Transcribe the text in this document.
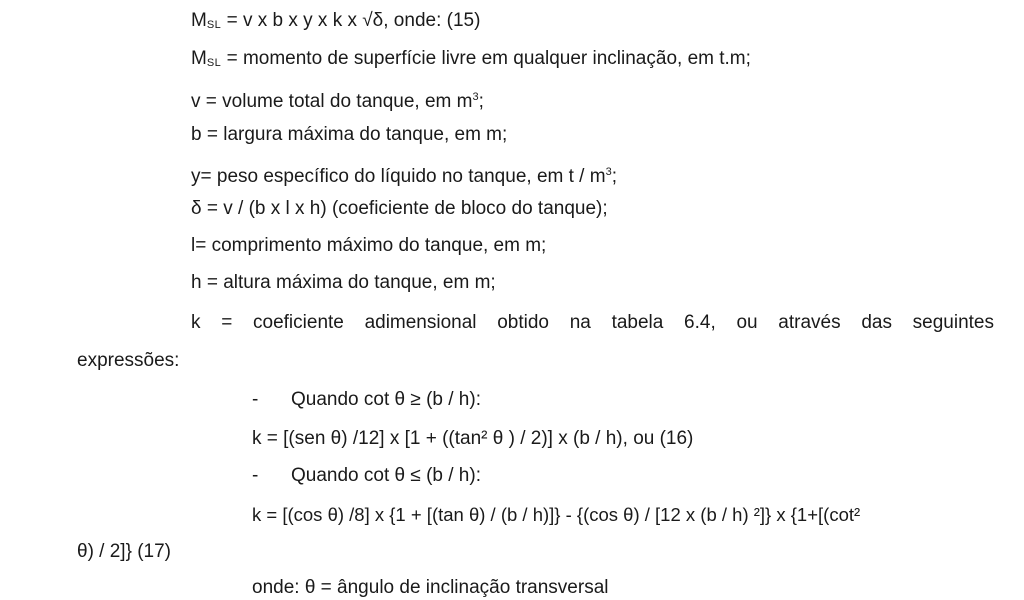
MSL = v x b x y x k x √δ, onde: (15)
MSL = momento de superfície livre em qualquer inclinação, em t.m;
v = volume total do tanque, em $m^3$;
b = largura máxima do tanque, em m;
y= peso específico do líquido no tanque, em t / $m^3$;
δ = v / (b x l x h) (coeficiente de bloco do tanque);
l= comprimento máximo do tanque, em m;
h = altura máxima do tanque, em m;
k = coeficiente adimensional obtido na tabela 6.4, ou através das seguintes
expressões:
- Quando cot θ ≥ (b / h):
k = [(sen θ) /12] x [1 + ((tan² θ ) / 2)] x (b / h), ou (16)
- Quando cot θ ≤ (b / h):
k = [(cos θ) /8] x {1 + [(tan θ) / (b / h)]} - {(cos θ) / [12 x (b / h) ²]} x {1+[(cot²
θ) / 2]} (17)
onde: θ = ângulo de inclinação transversal
